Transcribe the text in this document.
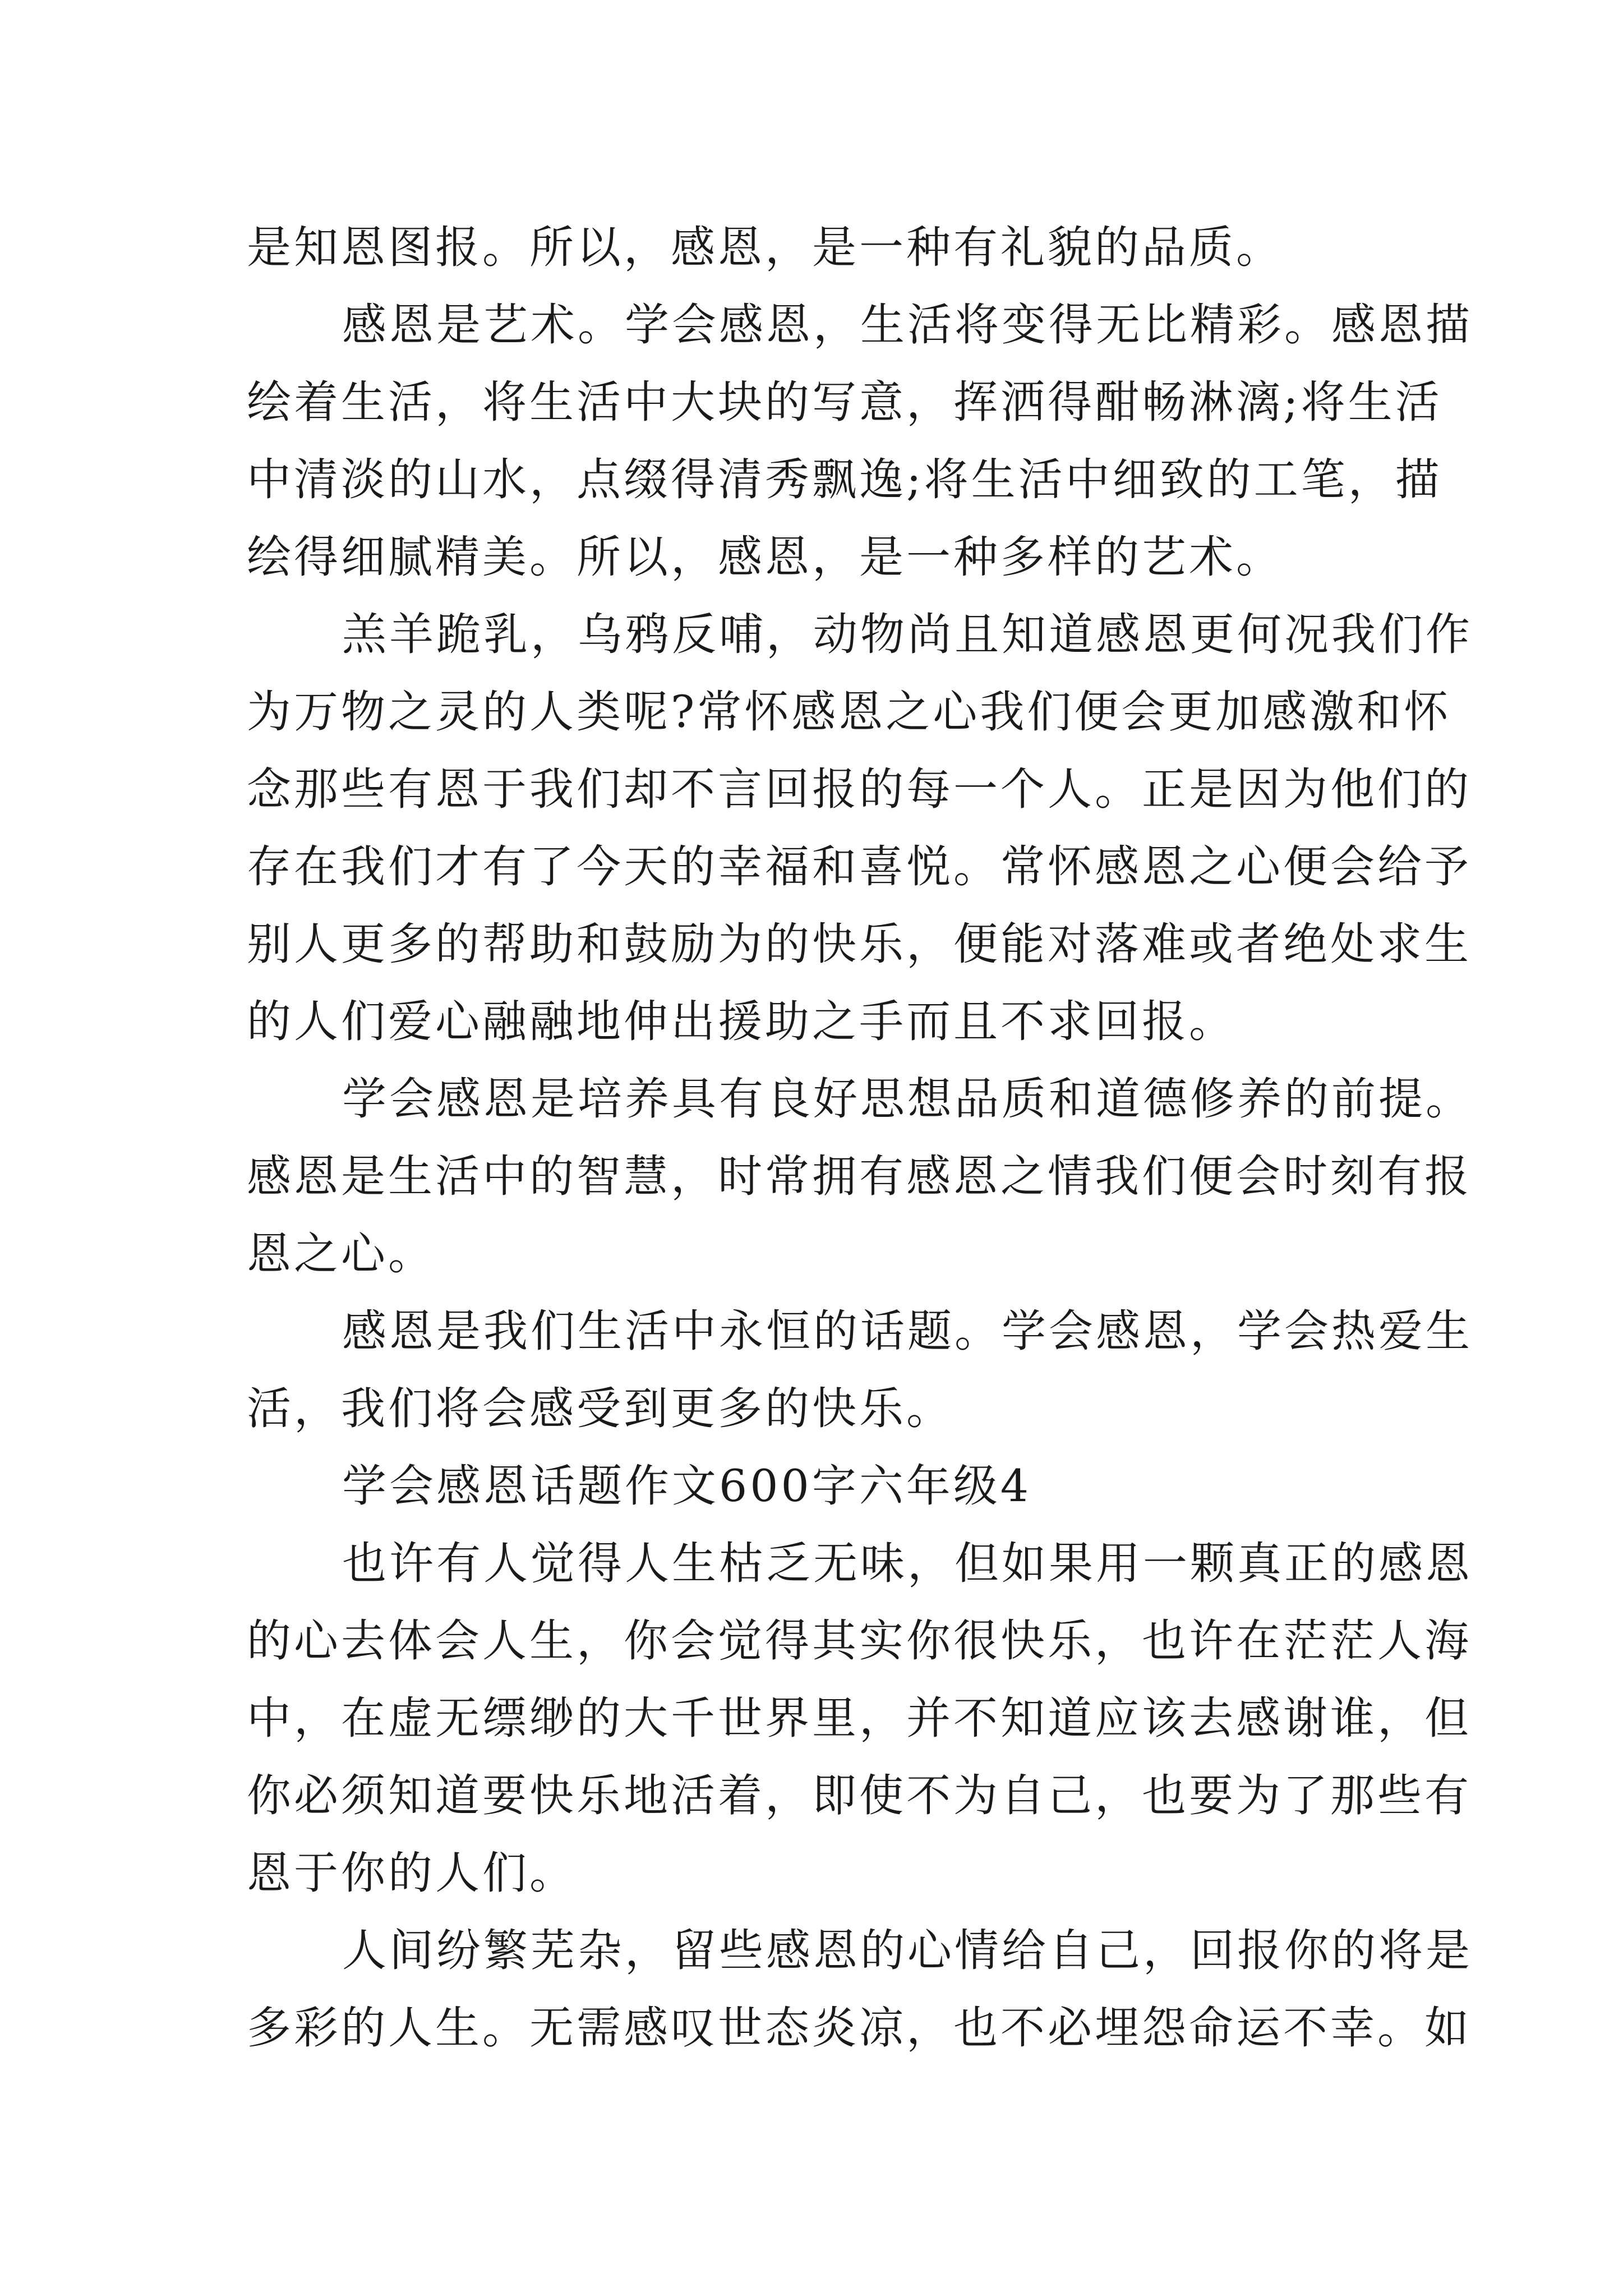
是知恩图报。所以，感恩，是一种有礼貌的品质。
感恩是艺术。学会感恩，生活将变得无比精彩。感恩描
绘着生活，将生活中大块的写意，挥洒得酣畅淋漓;将生活
中清淡的山水，点缀得清秀飘逸;将生活中细致的工笔，描
绘得细腻精美。所以，感恩，是一种多样的艺术。
羔羊跪乳，乌鸦反哺，动物尚且知道感恩更何况我们作
为万物之灵的人类呢?常怀感恩之心我们便会更加感激和怀
念那些有恩于我们却不言回报的每一个人。正是因为他们的
存在我们才有了今天的幸福和喜悦。常怀感恩之心便会给予
别人更多的帮助和鼓励为的快乐，便能对落难或者绝处求生
的人们爱心融融地伸出援助之手而且不求回报。
学会感恩是培养具有良好思想品质和道德修养的前提。
感恩是生活中的智慧，时常拥有感恩之情我们便会时刻有报
恩之心。
感恩是我们生活中永恒的话题。学会感恩，学会热爱生
活，我们将会感受到更多的快乐。
学会感恩话题作文600字六年级4
也许有人觉得人生枯乏无味，但如果用一颗真正的感恩
的心去体会人生，你会觉得其实你很快乐，也许在茫茫人海
中，在虚无缥缈的大千世界里，并不知道应该去感谢谁，但
你必须知道要快乐地活着，即使不为自己，也要为了那些有
恩于你的人们。
人间纷繁芜杂，留些感恩的心情给自己，回报你的将是
多彩的人生。无需感叹世态炎凉，也不必埋怨命运不幸。如
